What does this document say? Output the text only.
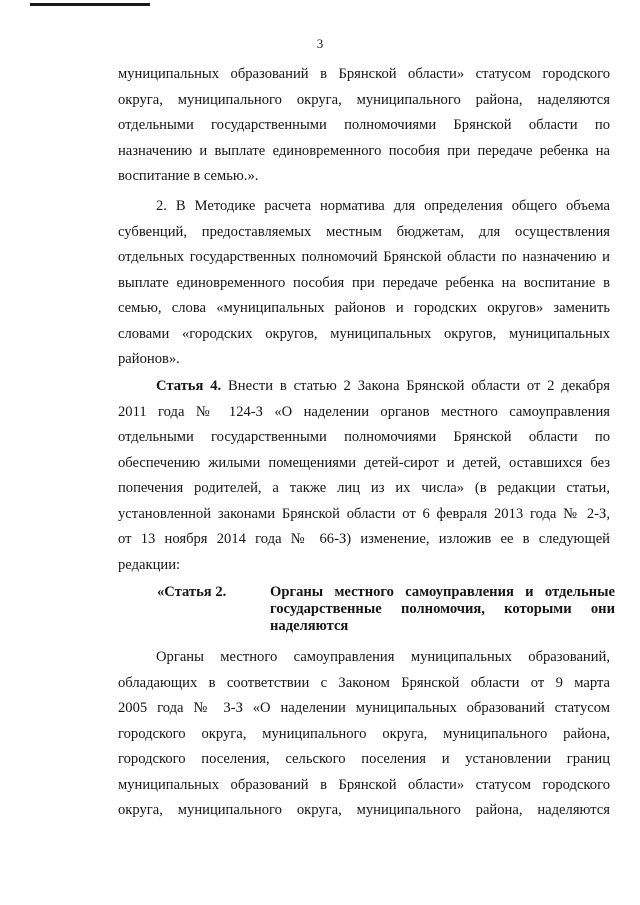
3

муниципальных образований в Брянской области» статусом городского

округа, муниципального округа, муниципального района, наделяются

отдельными государственными полномочиями Брянской области по

назначению и выплате единовременного пособия при передаче ребенка на

воспитание в семью.».

2. В Методике расчета норматива для определения общего объема

субвенций, предоставляемых местным бюджетам, для осуществления

отдельных государственных полномочий Брянской области по назначению и

выплате единовременного пособия при передаче ребенка на воспитание в

семью, слова «муниципальных районов и городских округов» заменить

словами «городских округов, муниципальных округов, муниципальных

районов».

Статья 4. Внести в статью 2 Закона Брянской области от 2 декабря

2011 года № 124-З «О наделении органов местного самоуправления

отдельными государственными полномочиями Брянской области по

обеспечению жилыми помещениями детей-сирот и детей, оставшихся без

попечения родителей, а также лиц из их числа» (в редакции статьи,

установленной законами Брянской области от 6 февраля 2013 года № 2-З,

от 13 ноября 2014 года № 66-З) изменение, изложив ее в следующей

редакции:

«Статья 2.	Органы местного самоуправления и отдельные
государственные полномочия, которыми они
наделяются

Органы местного самоуправления муниципальных образований,

обладающих в соответствии с Законом Брянской области от 9 марта

2005 года № 3-З «О наделении муниципальных образований статусом

городского округа, муниципального округа, муниципального района,

городского поселения, сельского поселения и установлении границ

муниципальных образований в Брянской области» статусом городского

округа, муниципального округа, муниципального района, наделяются
